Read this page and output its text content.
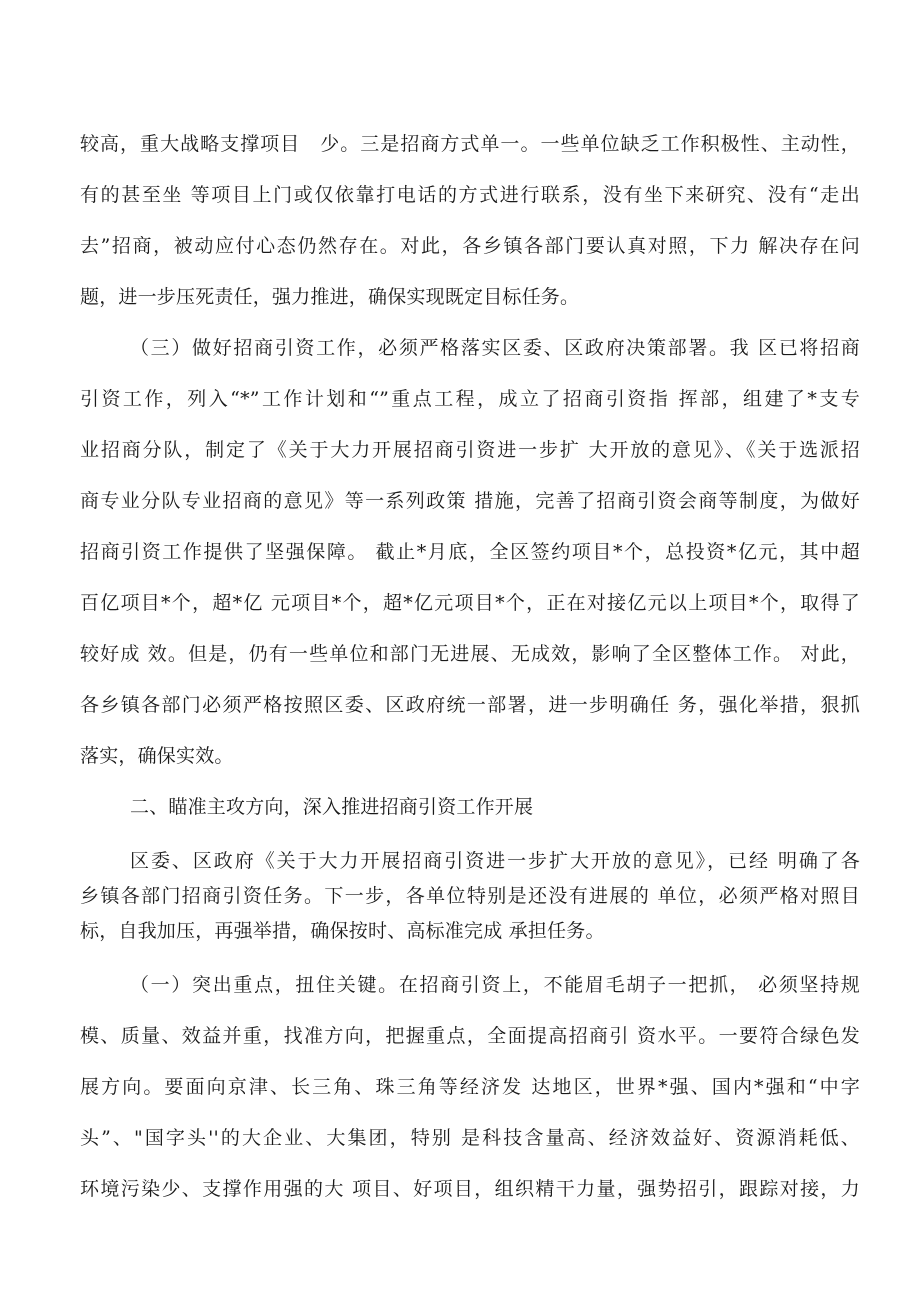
较高，重大战略支撑项目　少。三是招商方式单一。一些单位缺乏工作积极性、主动性，
有的甚至坐 等项目上门或仅依靠打电话的方式进行联系，没有坐下来研究、没有“走出
去”招商，被动应付心态仍然存在。对此，各乡镇各部门要认真对照，下力 解决存在问
题，进一步压死责任，强力推进，确保实现既定目标任务。
（三）做好招商引资工作，必须严格落实区委、区政府决策部署。我 区已将招商
引资工作，列入“*”工作计划和“”重点工程，成立了招商引资指 挥部，组建了*支专
业招商分队，制定了《关于大力开展招商引资进一步扩 大开放的意见》、《关于选派招
商专业分队专业招商的意见》等一系列政策 措施，完善了招商引资会商等制度，为做好
招商引资工作提供了坚强保障。 截止*月底，全区签约项目*个，总投资*亿元，其中超
百亿项目*个，超*亿 元项目*个，超*亿元项目*个，正在对接亿元以上项目*个，取得了
较好成 效。但是，仍有一些单位和部门无进展、无成效，影响了全区整体工作。 对此，
各乡镇各部门必须严格按照区委、区政府统一部署，进一步明确任 务，强化举措，狠抓
落实，确保实效。
二、瞄准主攻方向，深入推进招商引资工作开展
区委、区政府《关于大力开展招商引资进一步扩大开放的意见》，已经 明确了各
乡镇各部门招商引资任务。下一步，各单位特别是还没有进展的 单位，必须严格对照目
标，自我加压，再强举措，确保按时、高标准完成 承担任务。
（一）突出重点，扭住关键。在招商引资上，不能眉毛胡子一把抓， 必须坚持规
模、质量、效益并重，找准方向，把握重点，全面提高招商引 资水平。一要符合绿色发
展方向。要面向京津、长三角、珠三角等经济发 达地区，世界*强、国内*强和“中字
头”、"国字头''的大企业、大集团，特别 是科技含量高、经济效益好、资源消耗低、
环境污染少、支撑作用强的大 项目、好项目，组织精干力量，强势招引，跟踪对接，力
